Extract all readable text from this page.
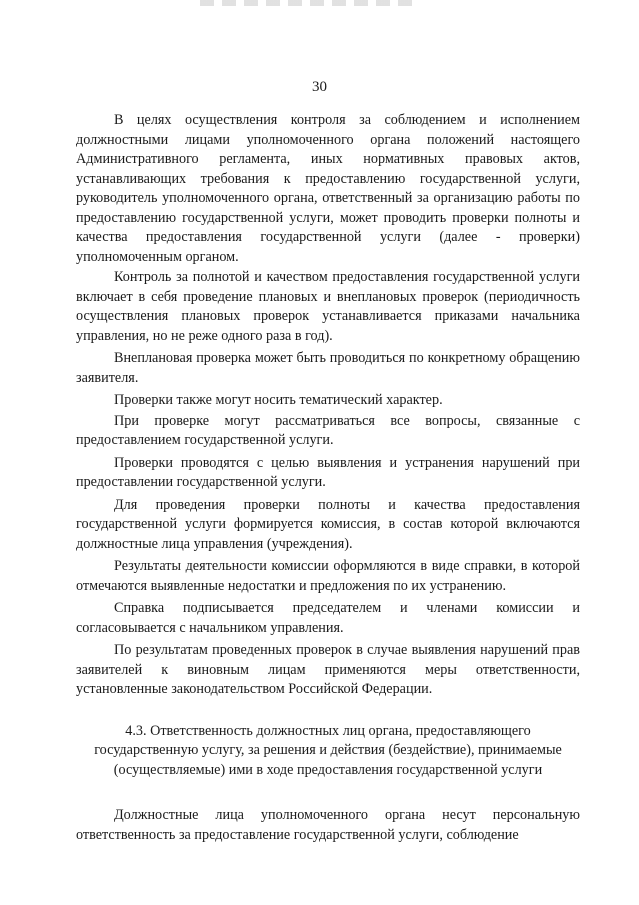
30

В целях осуществления контроля за соблюдением и исполнением должностными лицами уполномоченного органа положений настоящего Административного регламента, иных нормативных правовых актов, устанавливающих требования к предоставлению государственной услуги, руководитель уполномоченного органа, ответственный за организацию работы по предоставлению государственной услуги, может проводить проверки полноты и качества предоставления государственной услуги (далее - проверки) уполномоченным органом.

Контроль за полнотой и качеством предоставления государственной услуги включает в себя проведение плановых и внеплановых проверок (периодичность осуществления плановых проверок устанавливается приказами начальника управления, но не реже одного раза в год).

Внеплановая проверка может быть проводиться по конкретному обращению заявителя.

Проверки также могут носить тематический характер.

При проверке могут рассматриваться все вопросы, связанные с предоставлением государственной услуги.

Проверки проводятся с целью выявления и устранения нарушений при предоставлении государственной услуги.

Для проведения проверки полноты и качества предоставления государственной услуги формируется комиссия, в состав которой включаются должностные лица управления (учреждения).

Результаты деятельности комиссии оформляются в виде справки, в которой отмечаются выявленные недостатки и предложения по их устранению.

Справка подписывается председателем и членами комиссии и согласовывается с начальником управления.

По результатам проведенных проверок в случае выявления нарушений прав заявителей к виновным лицам применяются меры ответственности, установленные законодательством Российской Федерации.

4.3. Ответственность должностных лиц органа, предоставляющего государственную услугу, за решения и действия (бездействие), принимаемые (осуществляемые) ими в ходе предоставления государственной услуги

Должностные лица уполномоченного органа несут персональную ответственность за предоставление государственной услуги, соблюдение
